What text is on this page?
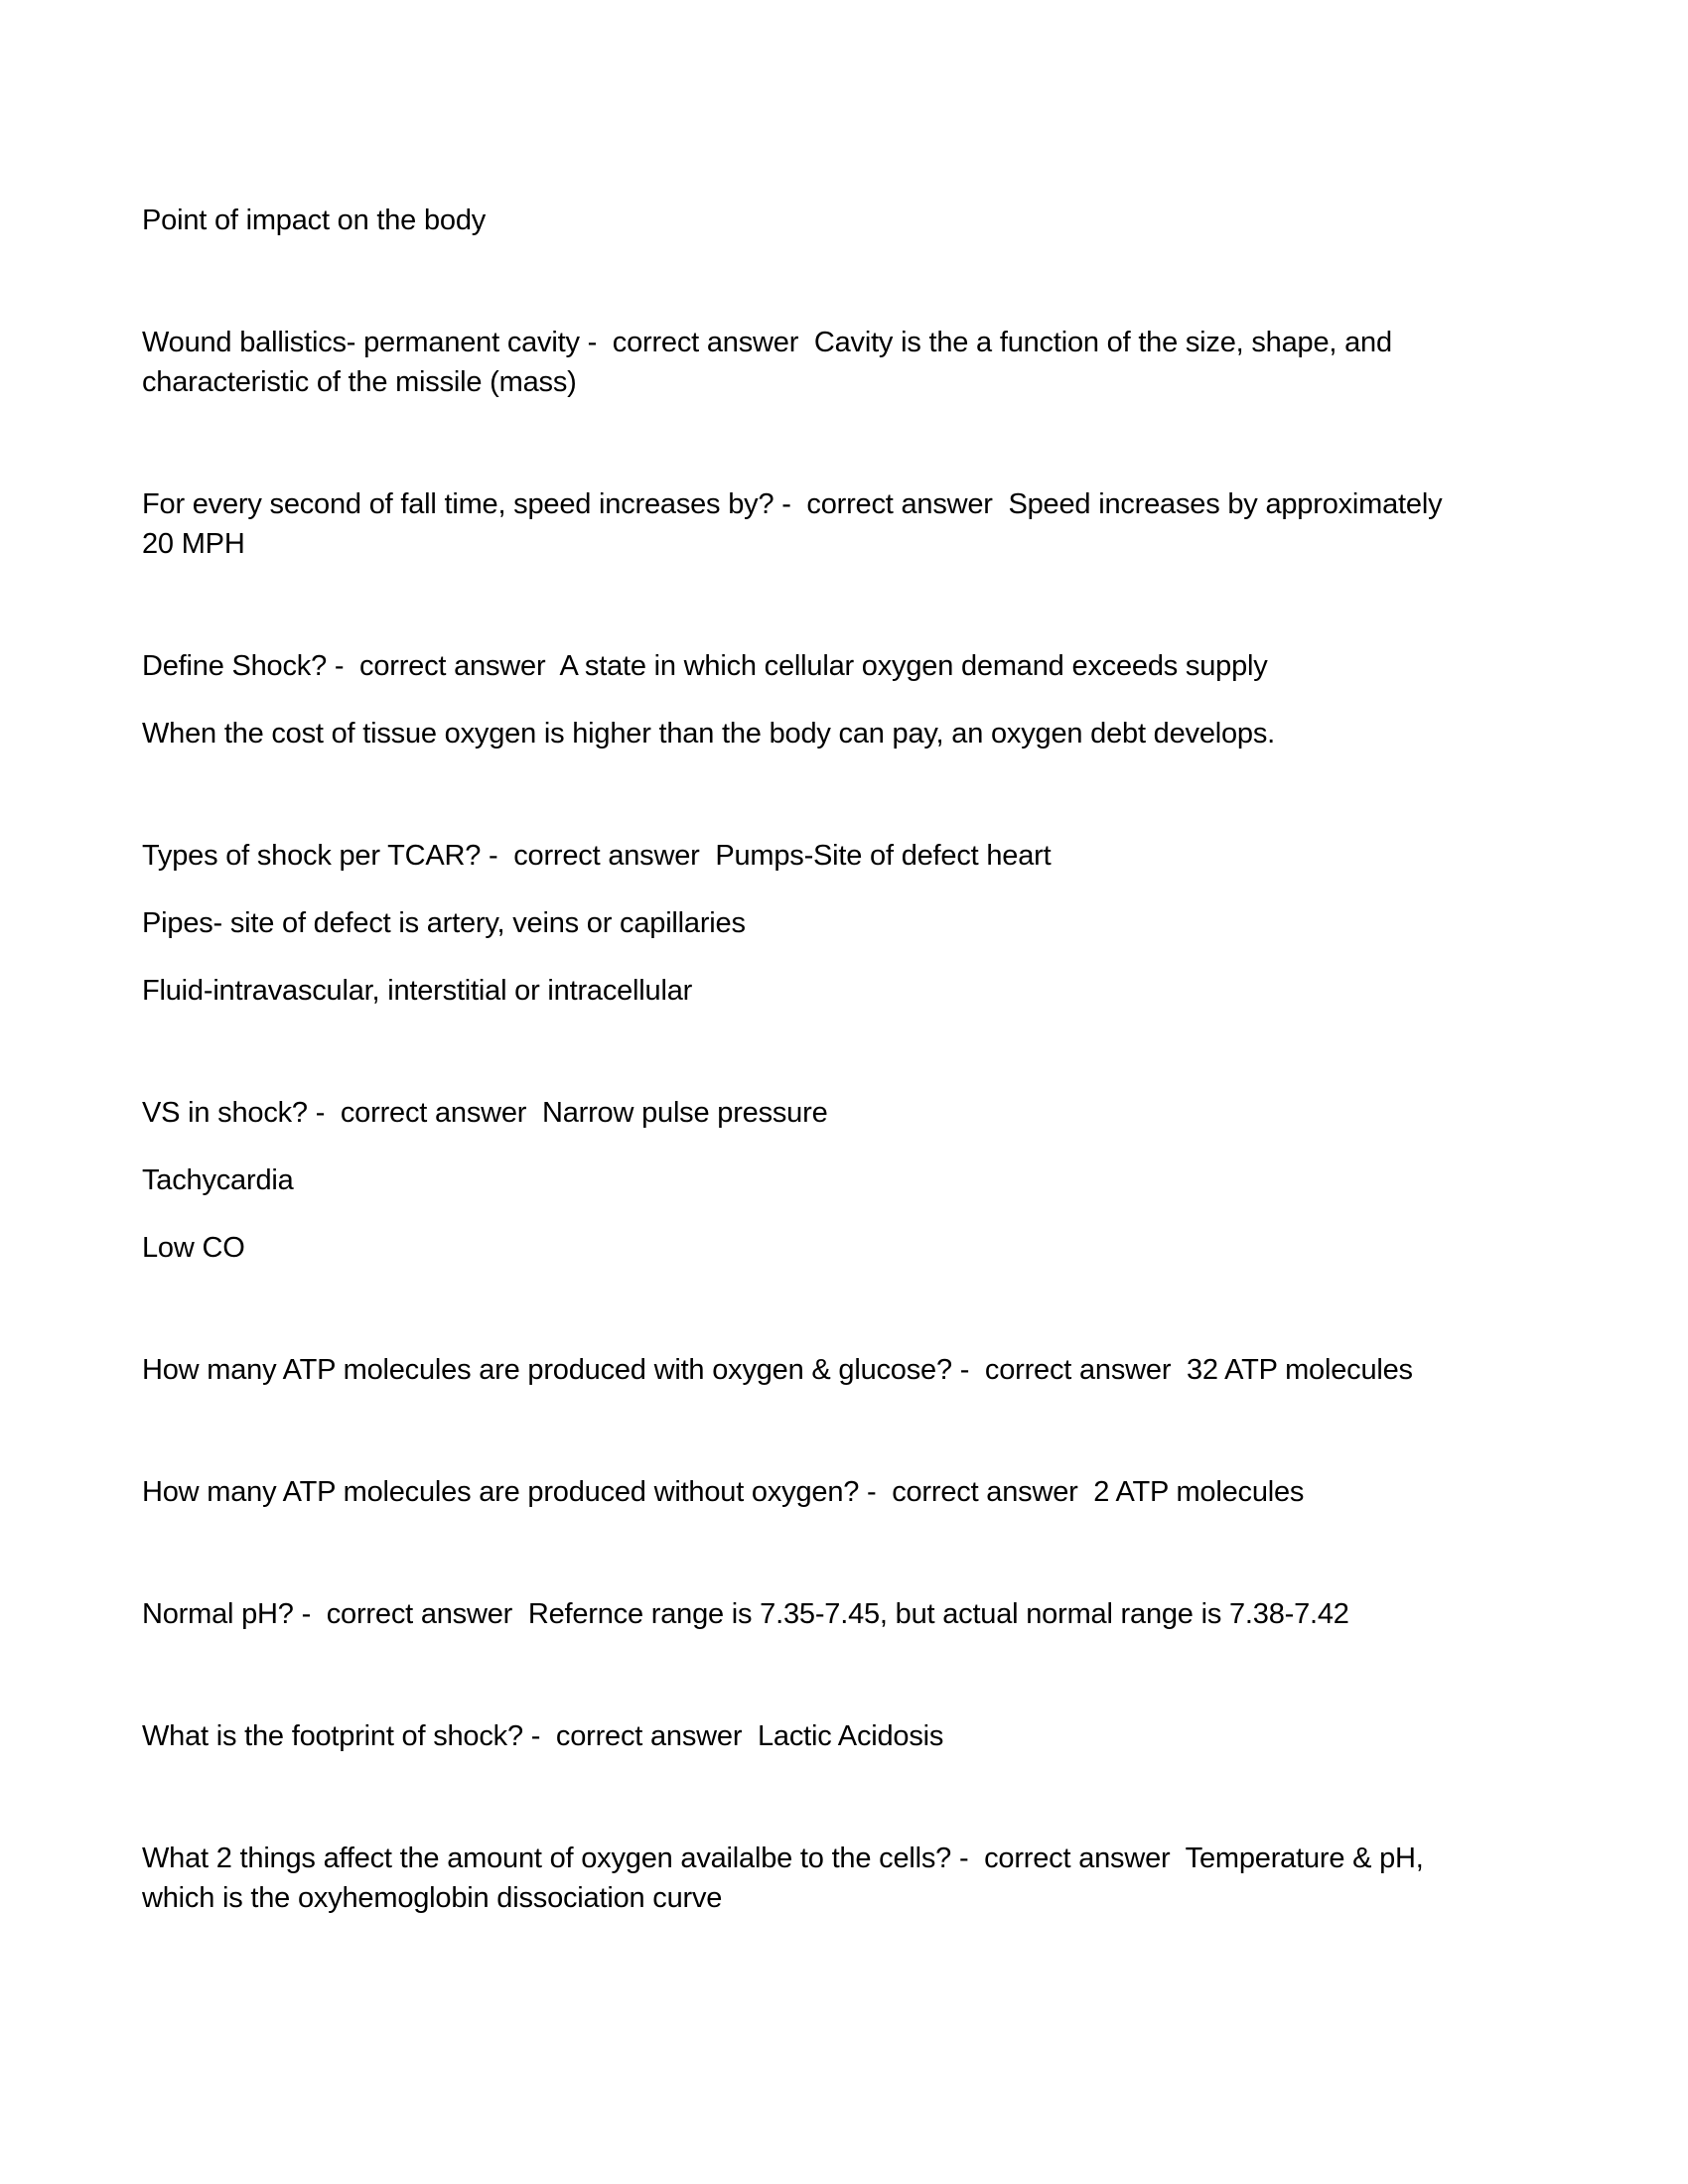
Point of impact on the body
Wound ballistics- permanent cavity -  correct answer  Cavity is the a function of the size, shape, and
characteristic of the missile (mass)
For every second of fall time, speed increases by? -  correct answer  Speed increases by approximately
20 MPH
Define Shock? -  correct answer  A state in which cellular oxygen demand exceeds supply
When the cost of tissue oxygen is higher than the body can pay, an oxygen debt develops.
Types of shock per TCAR? -  correct answer  Pumps-Site of defect heart
Pipes- site of defect is artery, veins or capillaries
Fluid-intravascular, interstitial or intracellular
VS in shock? -  correct answer  Narrow pulse pressure
Tachycardia
Low CO
How many ATP molecules are produced with oxygen & glucose? -  correct answer  32 ATP molecules
How many ATP molecules are produced without oxygen? -  correct answer  2 ATP molecules
Normal pH? -  correct answer  Refernce range is 7.35-7.45, but actual normal range is 7.38-7.42
What is the footprint of shock? -  correct answer  Lactic Acidosis
What 2 things affect the amount of oxygen availalbe to the cells? -  correct answer  Temperature & pH,
which is the oxyhemoglobin dissociation curve
